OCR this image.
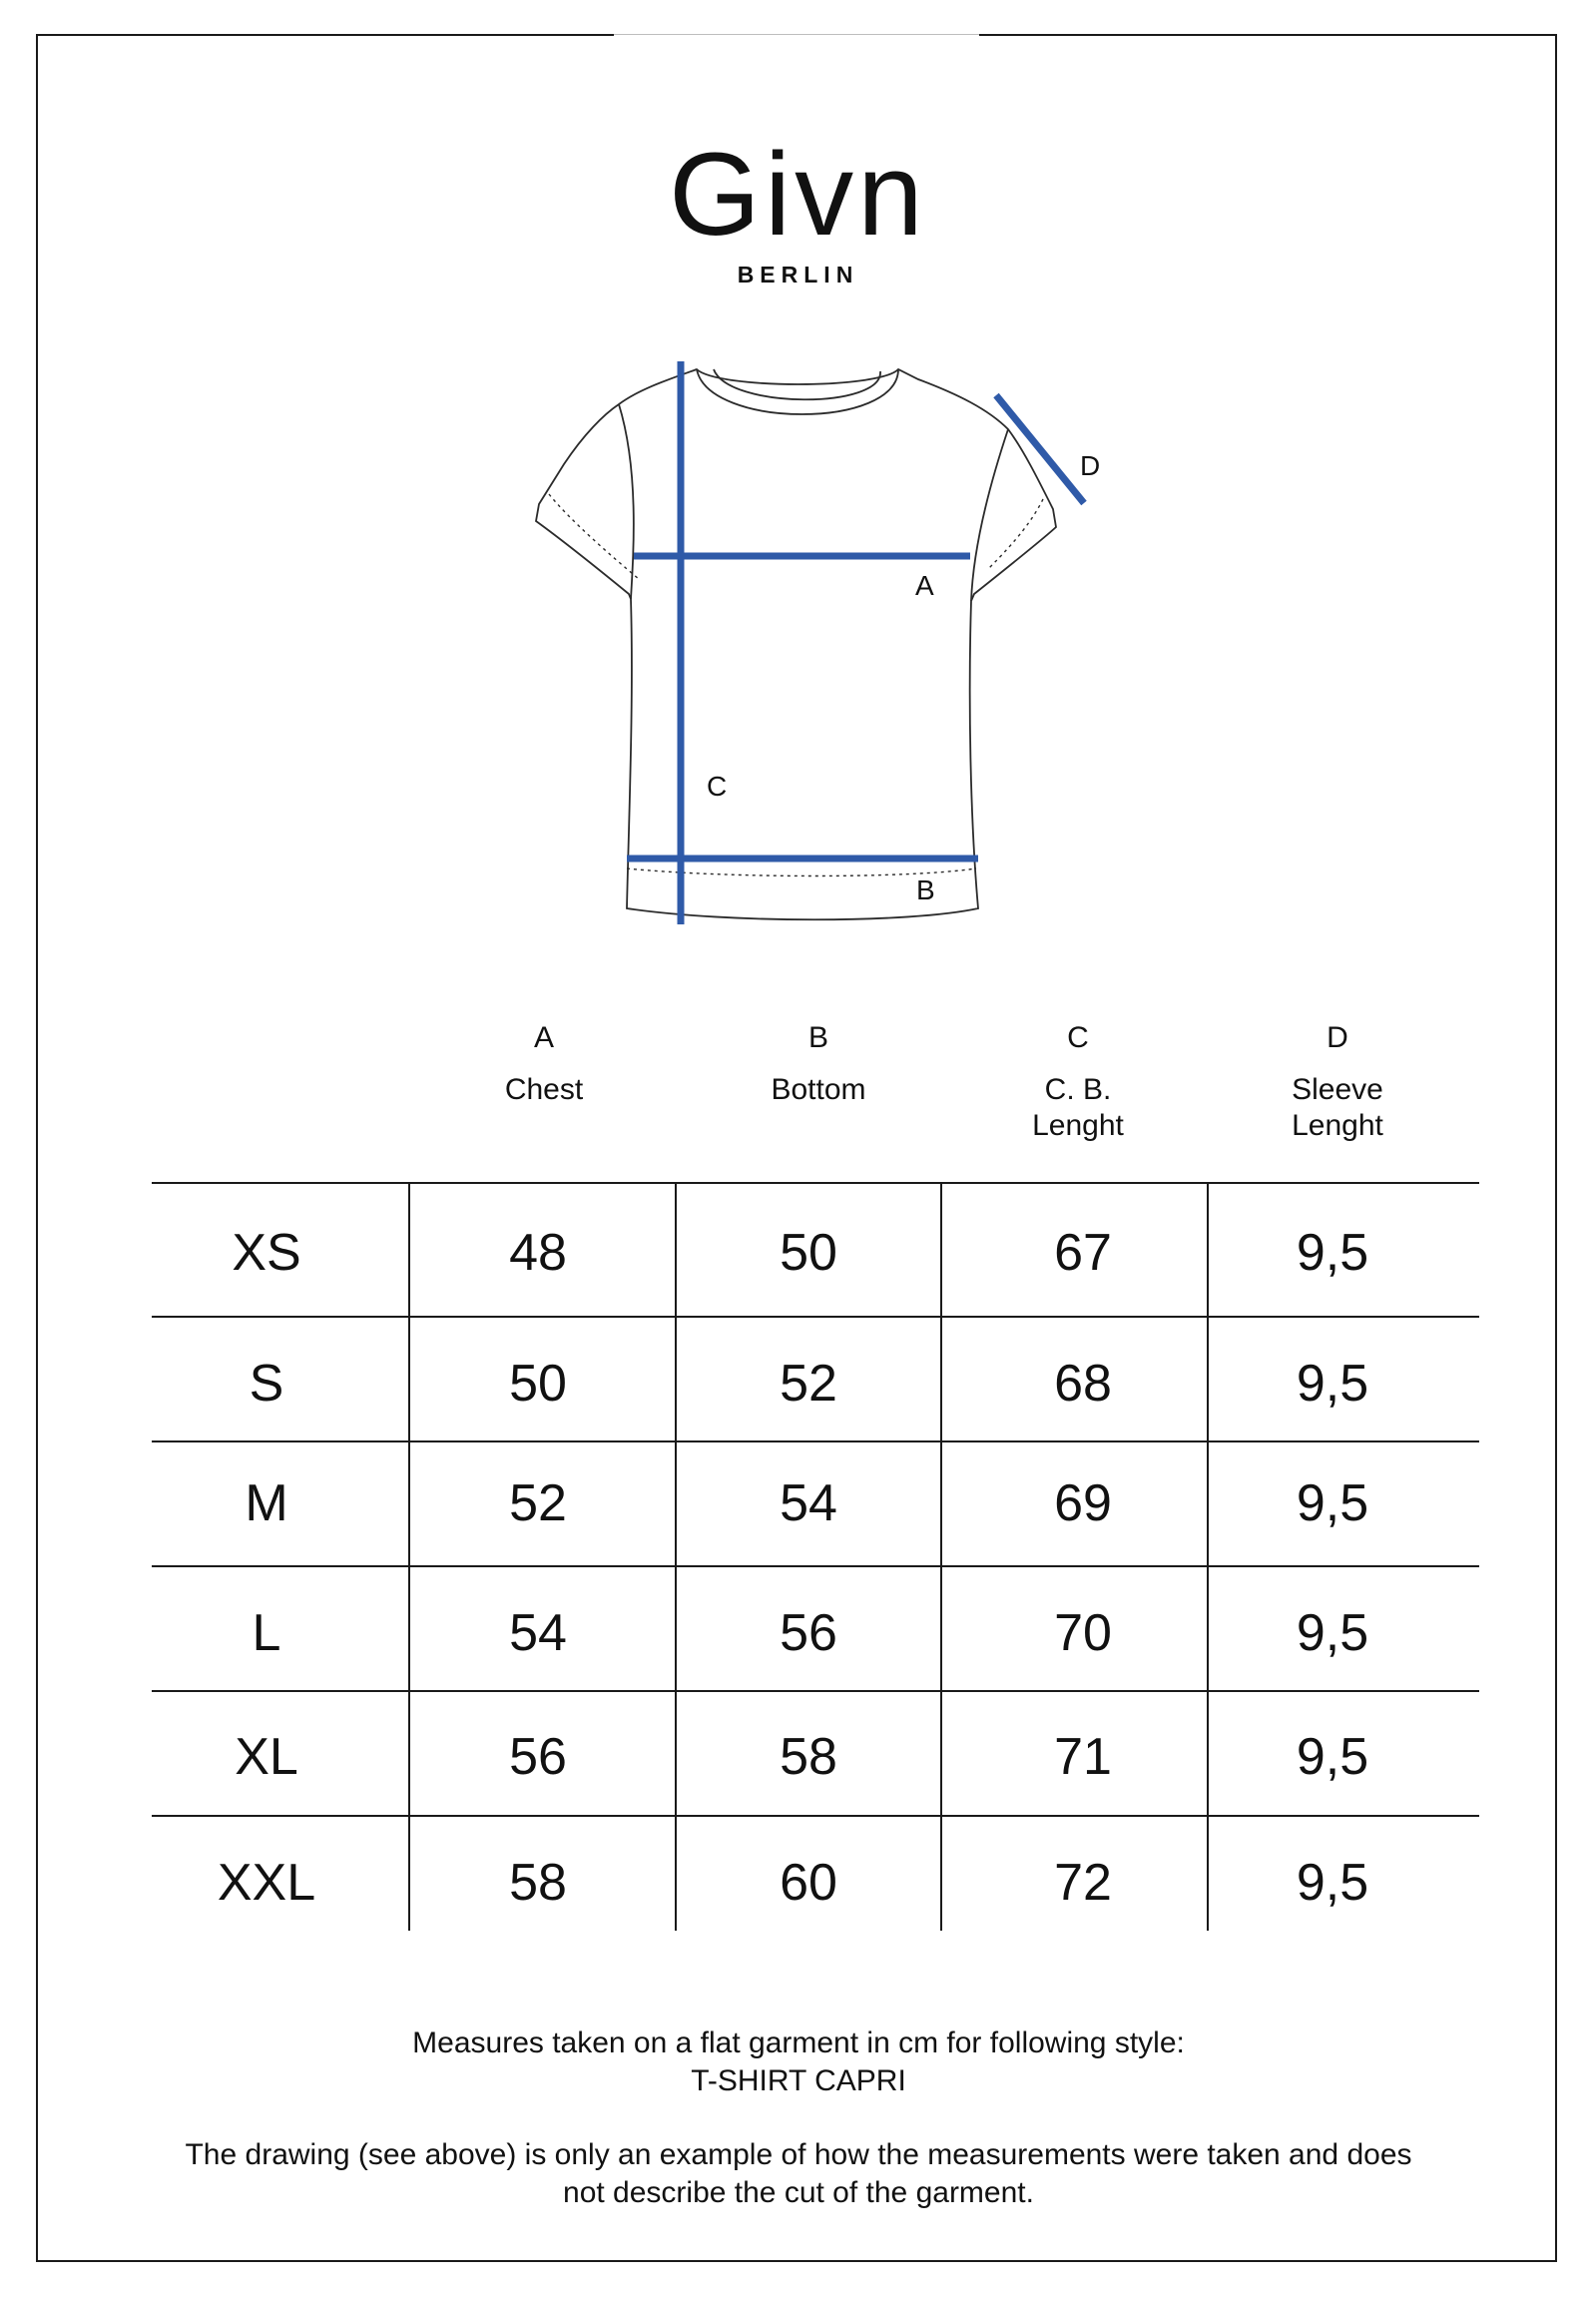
Givn
BERLIN
A
B
C
D
A
Chest
B
Bottom
C
C. B.
Lenght
D
Sleeve
Lenght
XS	48	50	67	9,5
S	50	52	68	9,5
M	52	54	69	9,5
L	54	56	70	9,5
XL	56	58	71	9,5
XXL	58	60	72	9,5
Measures taken on a flat garment in cm for following style:
T-SHIRT CAPRI
The drawing (see above) is only an example of how the measurements were taken and does
not describe the cut of the garment.
